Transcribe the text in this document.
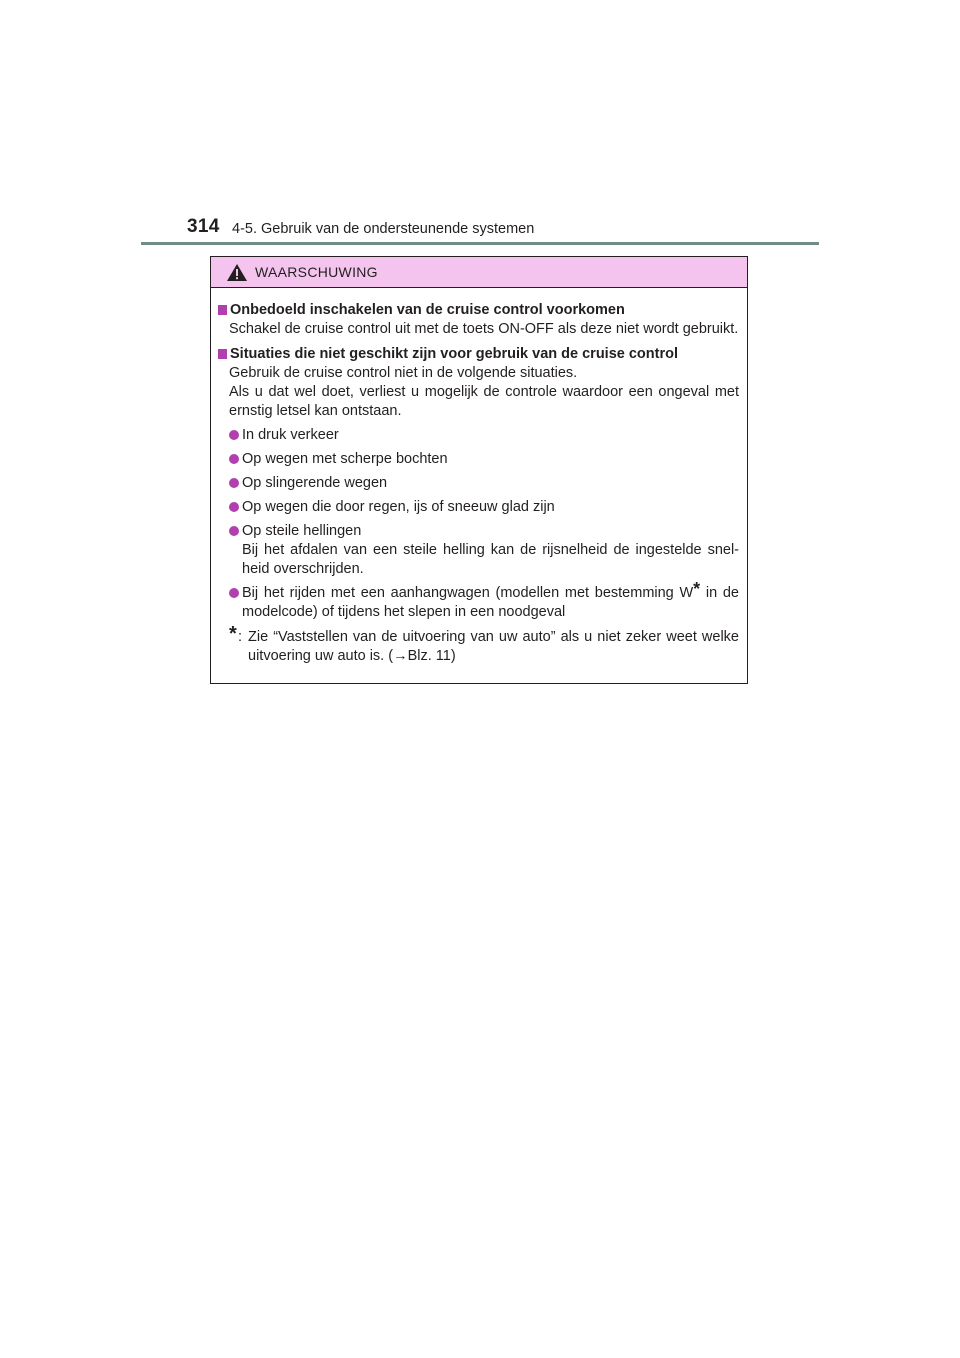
314 4-5. Gebruik van de ondersteunende systemen
WAARSCHUWING
Onbedoeld inschakelen van de cruise control voorkomen
Schakel de cruise control uit met de toets ON-OFF als deze niet wordt gebruikt.
Situaties die niet geschikt zijn voor gebruik van de cruise control
Gebruik de cruise control niet in de volgende situaties.
Als u dat wel doet, verliest u mogelijk de controle waardoor een ongeval met ernstig letsel kan ontstaan.
In druk verkeer
Op wegen met scherpe bochten
Op slingerende wegen
Op wegen die door regen, ijs of sneeuw glad zijn
Op steile hellingen
Bij het afdalen van een steile helling kan de rijsnelheid de ingestelde snel-heid overschrijden.
Bij het rijden met een aanhangwagen (modellen met bestemming W* in de modelcode) of tijdens het slepen in een noodgeval
* : Zie “Vaststellen van de uitvoering van uw auto” als u niet zeker weet welke uitvoering uw auto is. (→Blz. 11)
